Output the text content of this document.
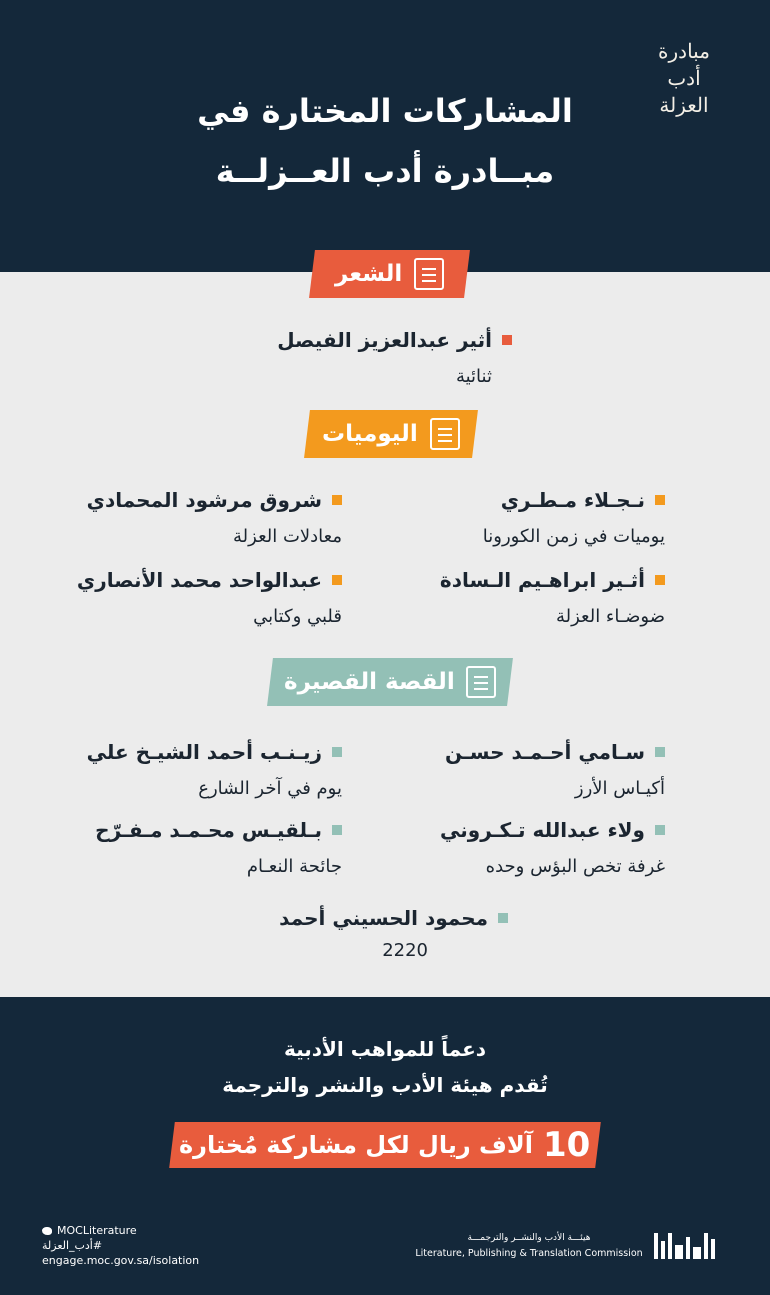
مبادرة
أدب
العزلة
المشاركات المختارة في
مبــادرة أدب العــزلــة
الشعر
أثير عبدالعزيز الفيصل
ثنائية
اليوميات
نـجـلاء مـطـري
يوميات في زمن الكورونا
شروق مرشود المحمادي
معادلات العزلة
أثـير ابراهـيم الـسادة
ضوضـاء العزلة
عبدالواحد محمد الأنصاري
قلبي وكتابي
القصة القصيرة
سـامي أحـمـد حسـن
أكيـاس الأرز
زيـنـب أحمد الشيـخ علي
يوم في آخر الشارع
ولاء عبدالله تـكـروني
غرفة تخص البؤس وحده
بـلقيـس محـمـد مـفـرّح
جائحة النعـام
محمود الحسيني أحمد
2220
دعماً للمواهب الأدبية
تُقدم هيئة الأدب والنشر والترجمة
10
آلاف ريال لكل مشاركة مُختارة
MOCLiterature
#أدب_العزلة
engage.moc.gov.sa/isolation
هيئـــة الأدب والنشــر والترجمـــة
Literature, Publishing & Translation Commission
